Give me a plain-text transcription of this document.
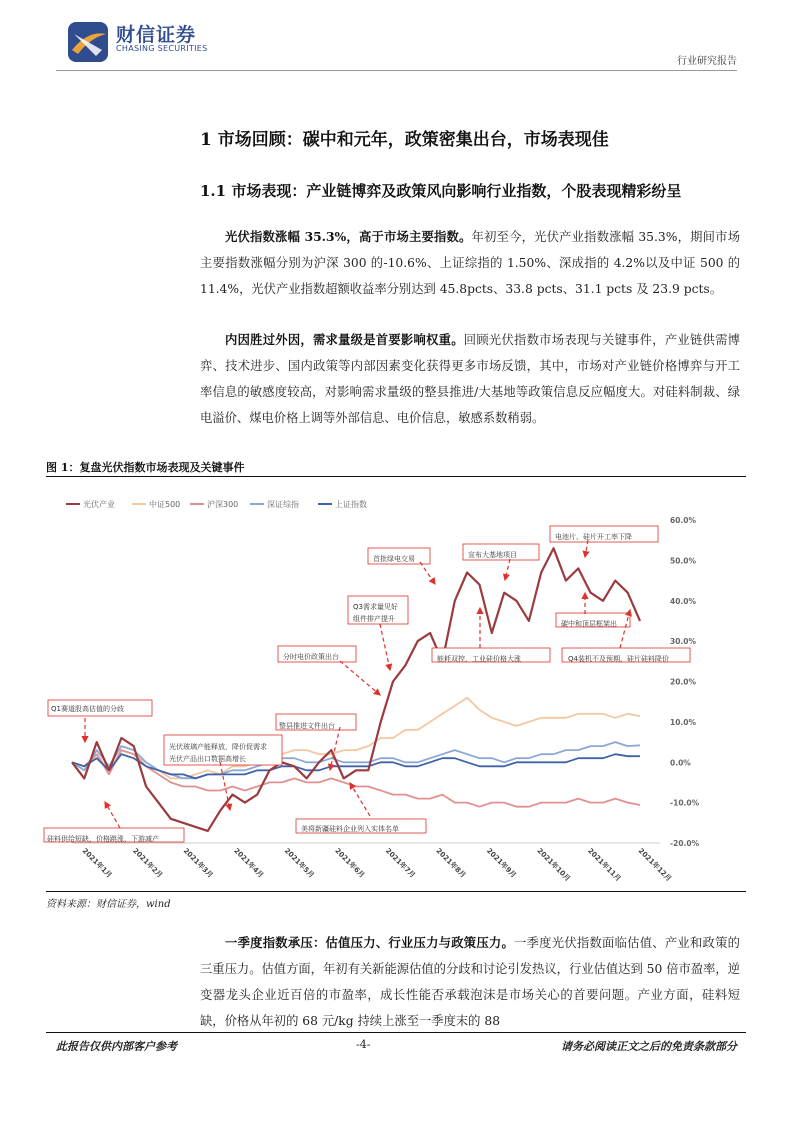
财信证券
CHASING SECURITIES
行业研究报告
1 市场回顾：碳中和元年，政策密集出台，市场表现佳
1.1 市场表现：产业链博弈及政策风向影响行业指数，个股表现精彩纷呈
光伏指数涨幅 35.3%，高于市场主要指数。年初至今，光伏产业指数涨幅 35.3%，期间市场主要指数涨幅分别为沪深 300 的-10.6%、上证综指的 1.50%、深成指的 4.2%以及中证 500 的 11.4%，光伏产业指数超额收益率分别达到 45.8pcts、33.8 pcts、31.1 pcts 及 23.9 pcts。
内因胜过外因，需求量级是首要影响权重。回顾光伏指数市场表现与关键事件，产业链供需博弈、技术进步、国内政策等内部因素变化获得更多市场反馈，其中，市场对产业链价格博弈与开工率信息的敏感度较高，对影响需求量级的整县推进/大基地等政策信息反应幅度大。对硅料制裁、绿电溢价、煤电价格上调等外部信息、电价信息，敏感系数稍弱。
图 1：复盘光伏指数市场表现及关键事件
光伏产业	中证500	沪深300	深证综指	上证指数
60.0%
50.0%
40.0%
30.0%
20.0%
10.0%
0.0%
-10.0%
-20.0%
2021年1月	2021年2月	2021年3月	2021年4月	2021年5月	2021年6月	2021年7月	2021年8月	2021年9月	2021年10月 2021年11月 2021年12月
Q1赛道股高估值的分歧
硅料供给短缺，价格跳涨，下游减产
光伏玻璃产能释放，降价促需求
光伏产品出口数据高增长
整县推进文件出台
美将新疆硅料企业列入实体名单
分时电价政策出台
Q3需求量见好
组件排产提升
首批绿电交易	宣布大基地项目
能耗双控，工业硅价格大涨
电池片、硅片开工率下降
碳中和顶层框架出
Q4装机不及预期，硅片硅料降价
资料来源：财信证券，wind
一季度指数承压：估值压力、行业压力与政策压力。一季度光伏指数面临估值、产业和政策的三重压力。估值方面，年初有关新能源估值的分歧和讨论引发热议，行业估值达到 50 倍市盈率，逆变器龙头企业近百倍的市盈率，成长性能否承载泡沫是市场关心的首要问题。产业方面，硅料短缺，价格从年初的 68 元/kg 持续上涨至一季度末的 88
此报告仅供内部客户参考	-4-	请务必阅读正文之后的免责条款部分
